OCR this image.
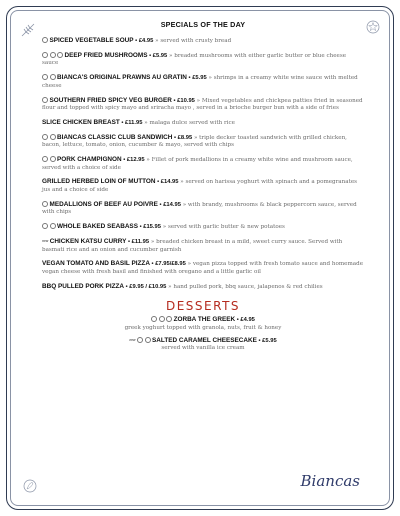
SPECIALS OF THE DAY
SPICED VEGETABLE SOUP • £4.95 » served with crusty bread
DEEP FRIED MUSHROOMS • £5.95 » breaded mushrooms with either garlic butter or blue cheese sauce
BIANCA'S ORIGINAL PRAWNS AU GRATIN • £5.95 » shrimps in a creamy white wine sauce with melted cheese
SOUTHERN FRIED SPICY VEG BURGER • £10.95 » Mixed vegetables and chickpea patties fried in seasoned flour and topped with spicy mayo and sriracha mayo , served in a brioche burger bun with a side of fries
SLICE CHICKEN BREAST • £11.95 » malaga dulce served with rice
BIANCAS CLASSIC CLUB SANDWICH • £8.95 » triple decker toasted sandwich with grilled chicken, bacon, lettuce, tomato, onion, cucumber & mayo, served with chips
PORK CHAMPIGNON • £12.95 » Fillet of pork medallions in a creamy white wine and mushroom sauce, served with a choice of side
GRILLED HERBED LOIN OF MUTTON • £14.95 » served on harissa yoghurt with spinach and a pomegranates jus and a choice of side
MEDALLIONS OF BEEF AU POIVRE • £14.95 » with brandy, mushrooms & black peppercorn sauce, served with chips
WHOLE BAKED SEABASS • £15.95 » served with garlic butter & new potatoes
new CHICKEN KATSU CURRY • £11.95 » breaded chicken breast in a mild, sweet curry sauce. Served with basmati rice and an onion and cucumber garnish
VEGAN TOMATO AND BASIL PIZZA • £7.95/£8.95 » vegan pizza topped with fresh tomato sauce and homemade vegan cheese with fresh basil and finished with oregano and a little garlic oil
BBQ PULLED PORK PIZZA • £9.95 / £10.95 » hand pulled pork, bbq sauce, jalapenos & red chilies
DESSERTS
ZORBA THE GREEK • £4.95
greek yoghurt topped with granola, nuts, fruit & honey
new	SALTED CARAMEL CHEESECAKE • £5.95
served with vanilla ice cream
Biancas
